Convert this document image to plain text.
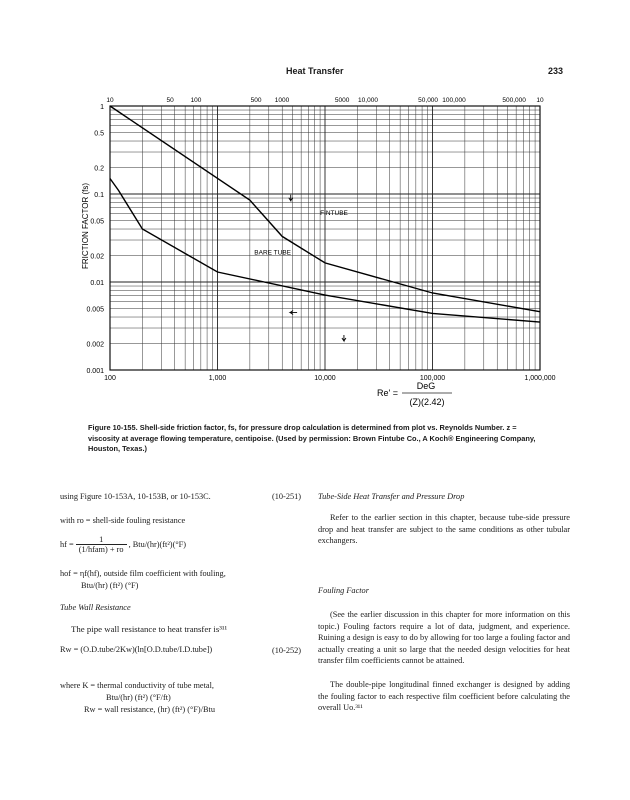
Heat Transfer	233
1
0.5
0.2
0.1
0.05
0.02
0.01
0.005
0.002
0.001
100	1,000	10,000	100,000	1,000,000
10	50	100	500 1000	5000 10,000	50,000 100,000	500,000 10
FINTUBE
BARE TUBE
FRICTION FACTOR (fs)
Re' =
DeG
(Z)(2.42)
Figure 10-155. Shell-side friction factor, fs, for pressure drop calculation is determined from plot vs. Reynolds Number. z = viscosity at average flowing temperature, centipoise. (Used by permission: Brown Fintube Co., A Koch® Engineering Company, Houston, Texas.)
using Figure 10-153A, 10-153B, or 10-153C.	(10-251)
with ro = shell-side fouling resistance
hf = $\frac{1}{\text{(1/hfam) + ro}}$ , Btu/(hr)(ft²)(°F)
hof = ηf(hf), outside film coefficient with fouling,
Btu/(hr) (ft²) (°F)
Tube Wall Resistance
The pipe wall resistance to heat transfer is³¹¹
Rw = (O.D.tube/2Kw)(ln[O.D.tube/I.D.tube])	(10-252)
where K = thermal conductivity of tube metal,
Btu/(hr) (ft²) (°F/ft)
Rw = wall resistance, (hr) (ft²) (°F)/Btu
Tube-Side Heat Transfer and Pressure Drop
Refer to the earlier section in this chapter, because tube-side pressure drop and heat transfer are subject to the same conditions as other tubular exchangers.
Fouling Factor
(See the earlier discussion in this chapter for more information on this topic.) Fouling factors require a lot of data, judgment, and experience. Ruining a design is easy to do by allowing for too large a fouling factor and actually creating a unit so large that the needed design velocities for heat transfer film coefficients cannot be attained.
The double-pipe longitudinal finned exchanger is designed by adding the fouling factor to each respective film coefficient before calculating the overall Uo.³¹¹
